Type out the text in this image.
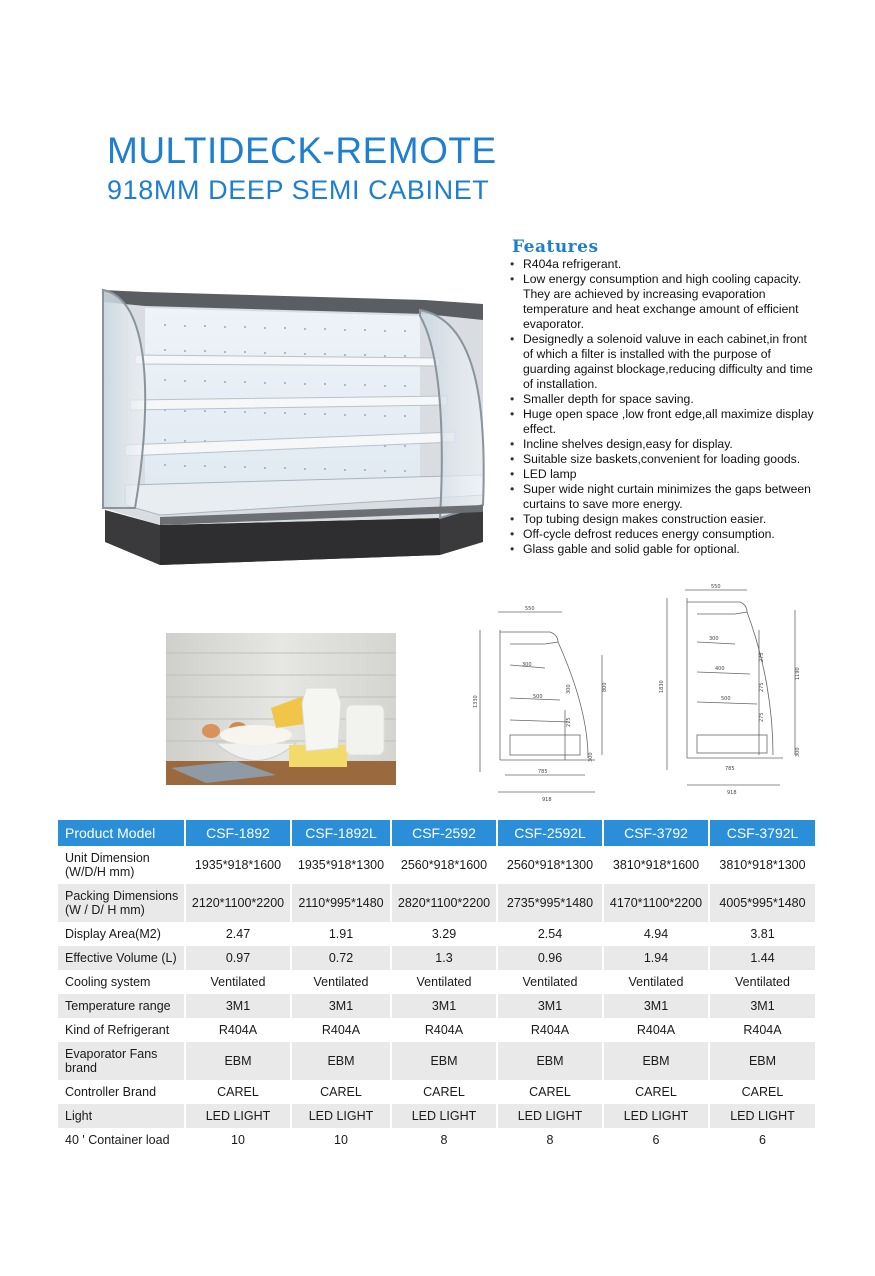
MULTIDECK-REMOTE
918MM DEEP SEMI CABINET
Features
• R404a refrigerant.
• Low energy consumption and high cooling capacity. They are achieved by increasing evaporation temperature and heat exchange amount of efficient evaporator.
• Designedly a solenoid valuve in each cabinet,in front of which a filter is installed with the purpose of guarding against blockage,reducing difficulty and time of installation.
• Smaller depth for space saving.
• Huge open space ,low front edge,all maximize display effect.
• Incline shelves design,easy for display.
• Suitable size baskets,convenient for loading goods.
• LED lamp
• Super wide night curtain minimizes the gaps between curtains to save more energy.
• Top tubing design makes construction easier.
• Off-cycle defrost reduces energy consumption.
• Glass gable and solid gable for optional.
550
1330
800
300
300
500
275
300
785
918
550
1830
1190
300
400
500
275
275
275
300
785
918
Product Model	CSF-1892	CSF-1892L	CSF-2592	CSF-2592L	CSF-3792	CSF-3792L
Unit Dimension
(W/D/H mm)	1935*918*1600	1935*918*1300	2560*918*1600	2560*918*1300	3810*918*1600	3810*918*1300
Packing Dimensions
(W / D/ H mm)	2120*1100*2200	2110*995*1480	2820*1100*2200	2735*995*1480	4170*1100*2200	4005*995*1480
Display Area(M2)	2.47	1.91	3.29	2.54	4.94	3.81
Effective Volume (L)	0.97	0.72	1.3	0.96	1.94	1.44
Cooling system	Ventilated	Ventilated	Ventilated	Ventilated	Ventilated	Ventilated
Temperature range	3M1	3M1	3M1	3M1	3M1	3M1
Kind of Refrigerant	R404A	R404A	R404A	R404A	R404A	R404A
Evaporator Fans
brand	EBM	EBM	EBM	EBM	EBM	EBM
Controller Brand	CAREL	CAREL	CAREL	CAREL	CAREL	CAREL
Light	LED LIGHT	LED LIGHT	LED LIGHT	LED LIGHT	LED LIGHT	LED LIGHT
40 ' Container load	10	10	8	8	6	6
